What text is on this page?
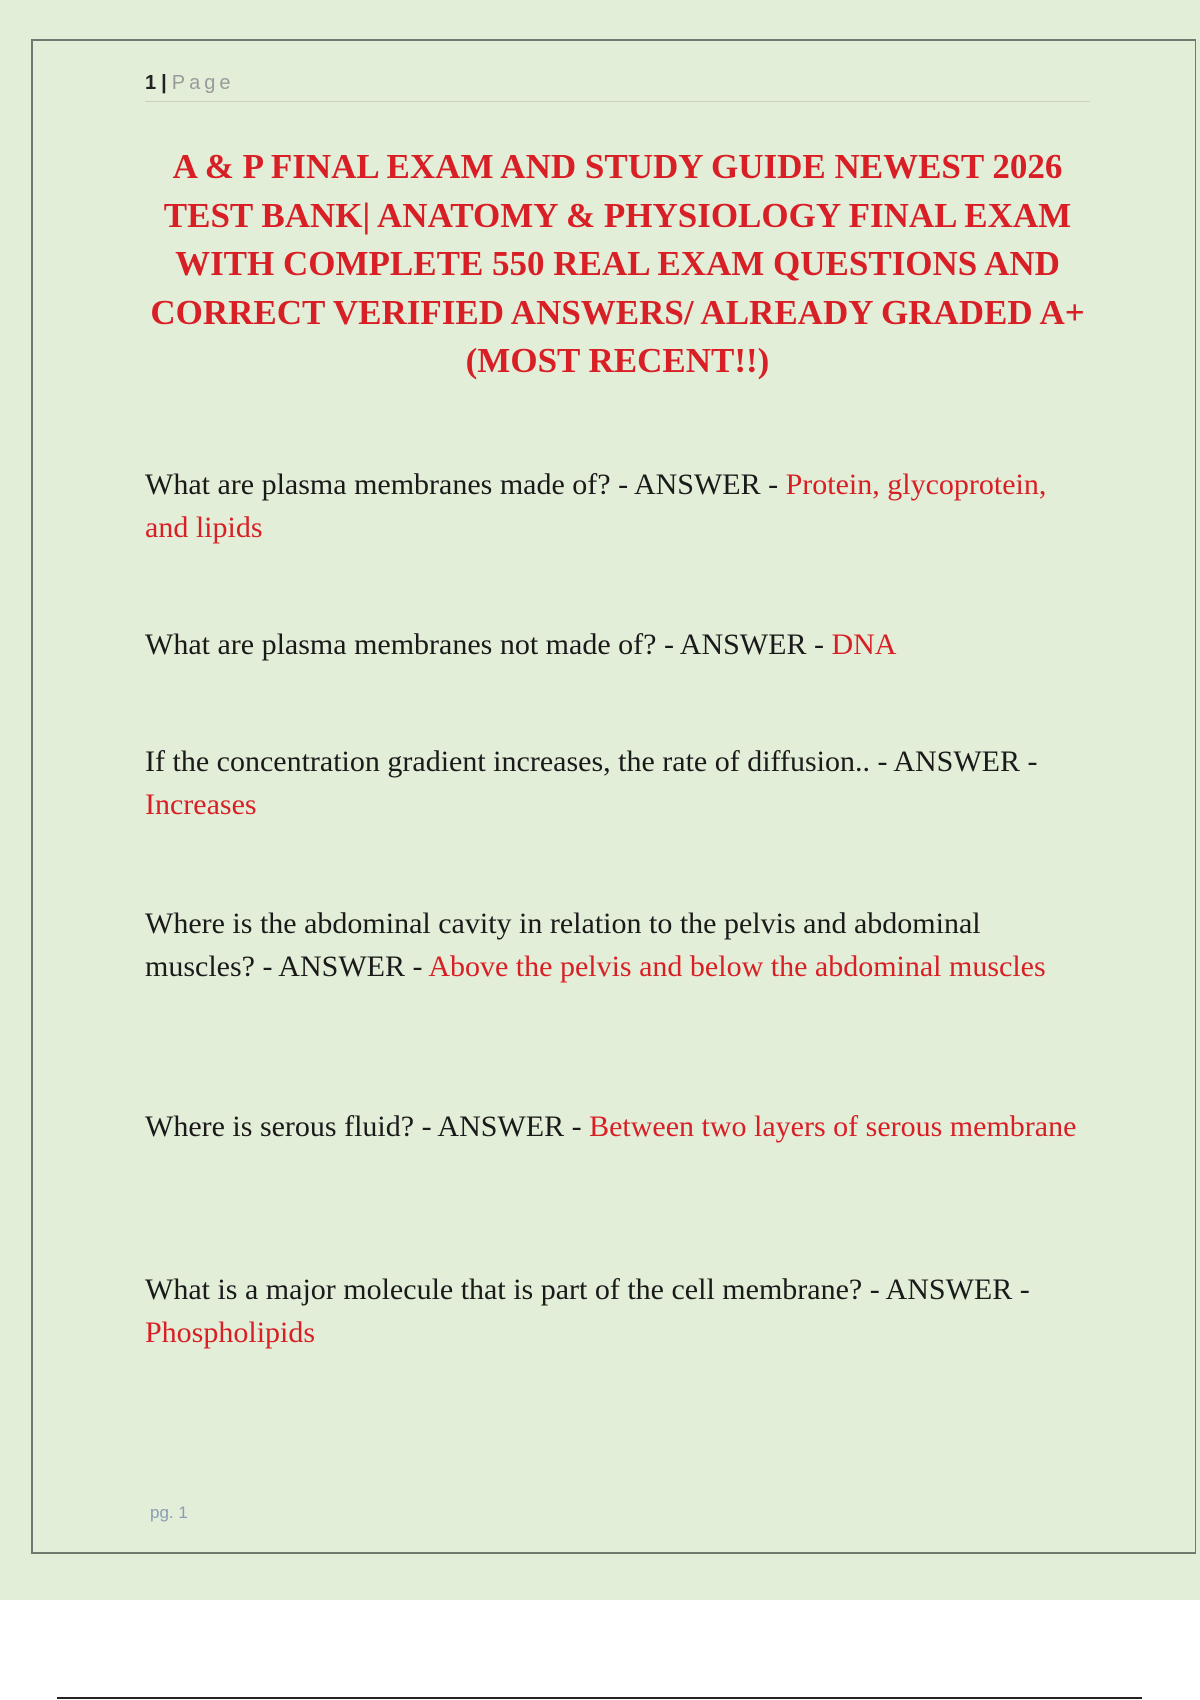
1 | Page
A & P FINAL EXAM AND STUDY GUIDE NEWEST 2026 TEST BANK| ANATOMY & PHYSIOLOGY FINAL EXAM WITH COMPLETE 550 REAL EXAM QUESTIONS AND CORRECT VERIFIED ANSWERS/ ALREADY GRADED A+ (MOST RECENT!!)

What are plasma membranes made of? - ANSWER - Protein, glycoprotein, and lipids

What are plasma membranes not made of? - ANSWER - DNA

If the concentration gradient increases, the rate of diffusion.. - ANSWER - Increases

Where is the abdominal cavity in relation to the pelvis and abdominal muscles? - ANSWER - Above the pelvis and below the abdominal muscles

Where is serous fluid? - ANSWER - Between two layers of serous membrane

What is a major molecule that is part of the cell membrane? - ANSWER - Phospholipids

pg. 1
